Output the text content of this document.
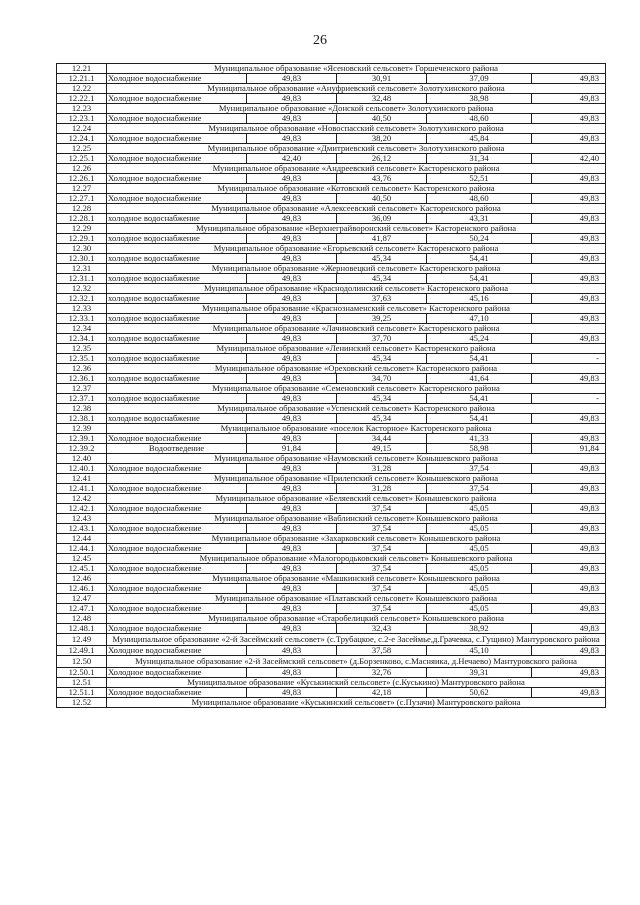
26
12.21	Муниципальное образование «Ясеновский сельсовет» Горшеченского района				
12.21.1	Холодное водоснабжение	49,83	30,91	37,09	49,83
12.22	Муниципальное образование «Ануфриевский сельсовет» Золотухинского района				
12.22.1	Холодное водоснабжение	49,83	32,48	38,98	49,83
12.23	Муниципальное образование «Донской сельсовет» Золотухинского района				
12.23.1	Холодное водоснабжение	49,83	40,50	48,60	49,83
12.24	Муниципальное образование «Новоспасский сельсовет» Золотухинского района				
12.24.1	Холодное водоснабжение	49,83	38,20	45,84	49,83
12.25	Муниципальное образование «Дмитриевский сельсовет» Золотухинского района				
12.25.1	Холодное водоснабжение	42,40	26,12	31,34	42,40
12.26	Муниципальное образование «Андреевский сельсовет» Касторенского района				
12.26.1	Холодное водоснабжение	49,83	43,76	52,51	49,83
12.27	Муниципальное образование «Котовский сельсовет» Касторенского района				
12.27.1	Холодное водоснабжение	49,83	40,50	48,60	49,83
12.28	Муниципальное образование «Алексеевский сельсовет» Касторенского района				
12.28.1	холодное водоснабжение	49,83	36,09	43,31	49,83
12.29	Муниципальное образование «Верхнеграйворонский сельсовет» Касторенского района				
12.29.1	холодное водоснабжение	49,83	41,87	50,24	49,83
12.30	Муниципальное образование «Егорьевский сельсовет» Касторенского района				
12.30.1	холодное водоснабжение	49,83	45,34	54,41	49,83
12.31	Муниципальное образование «Жерновецкий сельсовет» Касторенского района				
12.31.1	холодное водоснабжение	49,83	45,34	54,41	49,83
12.32	Муниципальное образование «Краснодолинский сельсовет» Касторенского района				
12.32.1	холодное водоснабжение	49,83	37,63	45,16	49,83
12.33	Муниципальное образование «Краснознаменский сельсовет» Касторенского района				
12.33.1	холодное водоснабжение	49,83	39,25	47,10	49,83
12.34	Муниципальное образование «Лачиновский сельсовет» Касторенского района				
12.34.1	холодное водоснабжение	49,83	37,70	45,24	49,83
12.35	Муниципальное образование «Ленинский сельсовет» Касторенского района				
12.35.1	холодное водоснабжение	49,83	45,34	54,41	-
12.36	Муниципальное образование «Ореховский сельсовет» Касторенского района				
12.36.1	холодное водоснабжение	49,83	34,70	41,64	49,83
12.37	Муниципальное образование «Семеновский сельсовет» Касторенского района				
12.37.1	холодное водоснабжение	49,83	45,34	54,41	-
12.38	Муниципальное образование «Успенский сельсовет» Касторенского района				
12.38.1	холодное водоснабжение	49,83	45,34	54,41	49,83
12.39	Муниципальное образование «поселок Касторное» Касторенского района				
12.39.1	Холодное водоснабжение	49,83	34,44	41,33	49,83
12.39.2	Водоотведение	91,84	49,15	58,98	91,84
12.40	Муниципальное образование «Наумовский сельсовет» Конышевского района				
12.40.1	Холодное водоснабжение	49,83	31,28	37,54	49,83
12.41	Муниципальное образование «Прилепский сельсовет» Конышевского района				
12.41.1	Холодное водоснабжение	49,83	31,28	37,54	49,83
12.42	Муниципальное образование «Беляевский сельсовет» Конышевского района				
12.42.1	Холодное водоснабжение	49,83	37,54	45,05	49,83
12.43	Муниципальное образование «Ваблинский сельсовет» Конышевского района				
12.43.1	Холодное водоснабжение	49,83	37,54	45,05	49,83
12.44	Муниципальное образование «Захарковский сельсовет» Конышевского района				
12.44.1	Холодное водоснабжение	49,83	37,54	45,05	49,83
12.45	Муниципальное образование «Малогородьковский сельсовет» Конышевского района				
12.45.1	Холодное водоснабжение	49,83	37,54	45,05	49,83
12.46	Муниципальное образование «Машкинский сельсовет» Конышевского района				
12.46.1	Холодное водоснабжение	49,83	37,54	45,05	49,83
12.47	Муниципальное образование «Платавский сельсовет» Конышевского района				
12.47.1	Холодное водоснабжение	49,83	37,54	45,05	49,83
12.48	Муниципальное образование «Старобелицкий сельсовет» Конышевского района				
12.48.1	Холодное водоснабжение	49,83	32,43	38,92	49,83
12.49	Муниципальное образование «2-й Засеймский сельсовет» (с.Трубацкое, с.2-е Засеймье,д.Грачевка, с.Гущино) Мантуровского района				
12.49.1	Холодное водоснабжение	49,83	37,58	45,10	49,83
12.50	Муниципальное образование «2-й Засеймский сельсовет» (д.Борзенково, с.Масняика, д.Нечаево) Мантуровского района				
12.50.1	Холодное водоснабжение	49,83	32,76	39,31	49,83
12.51	Муниципальное образование «Куськинский сельсовет» (с.Куськино) Мантуровского района				
12.51.1	Холодное водоснабжение	49,83	42,18	50,62	49,83
12.52	Муниципальное образование «Куськинский сельсовет» (с.Пузачи) Мантуровского района				
